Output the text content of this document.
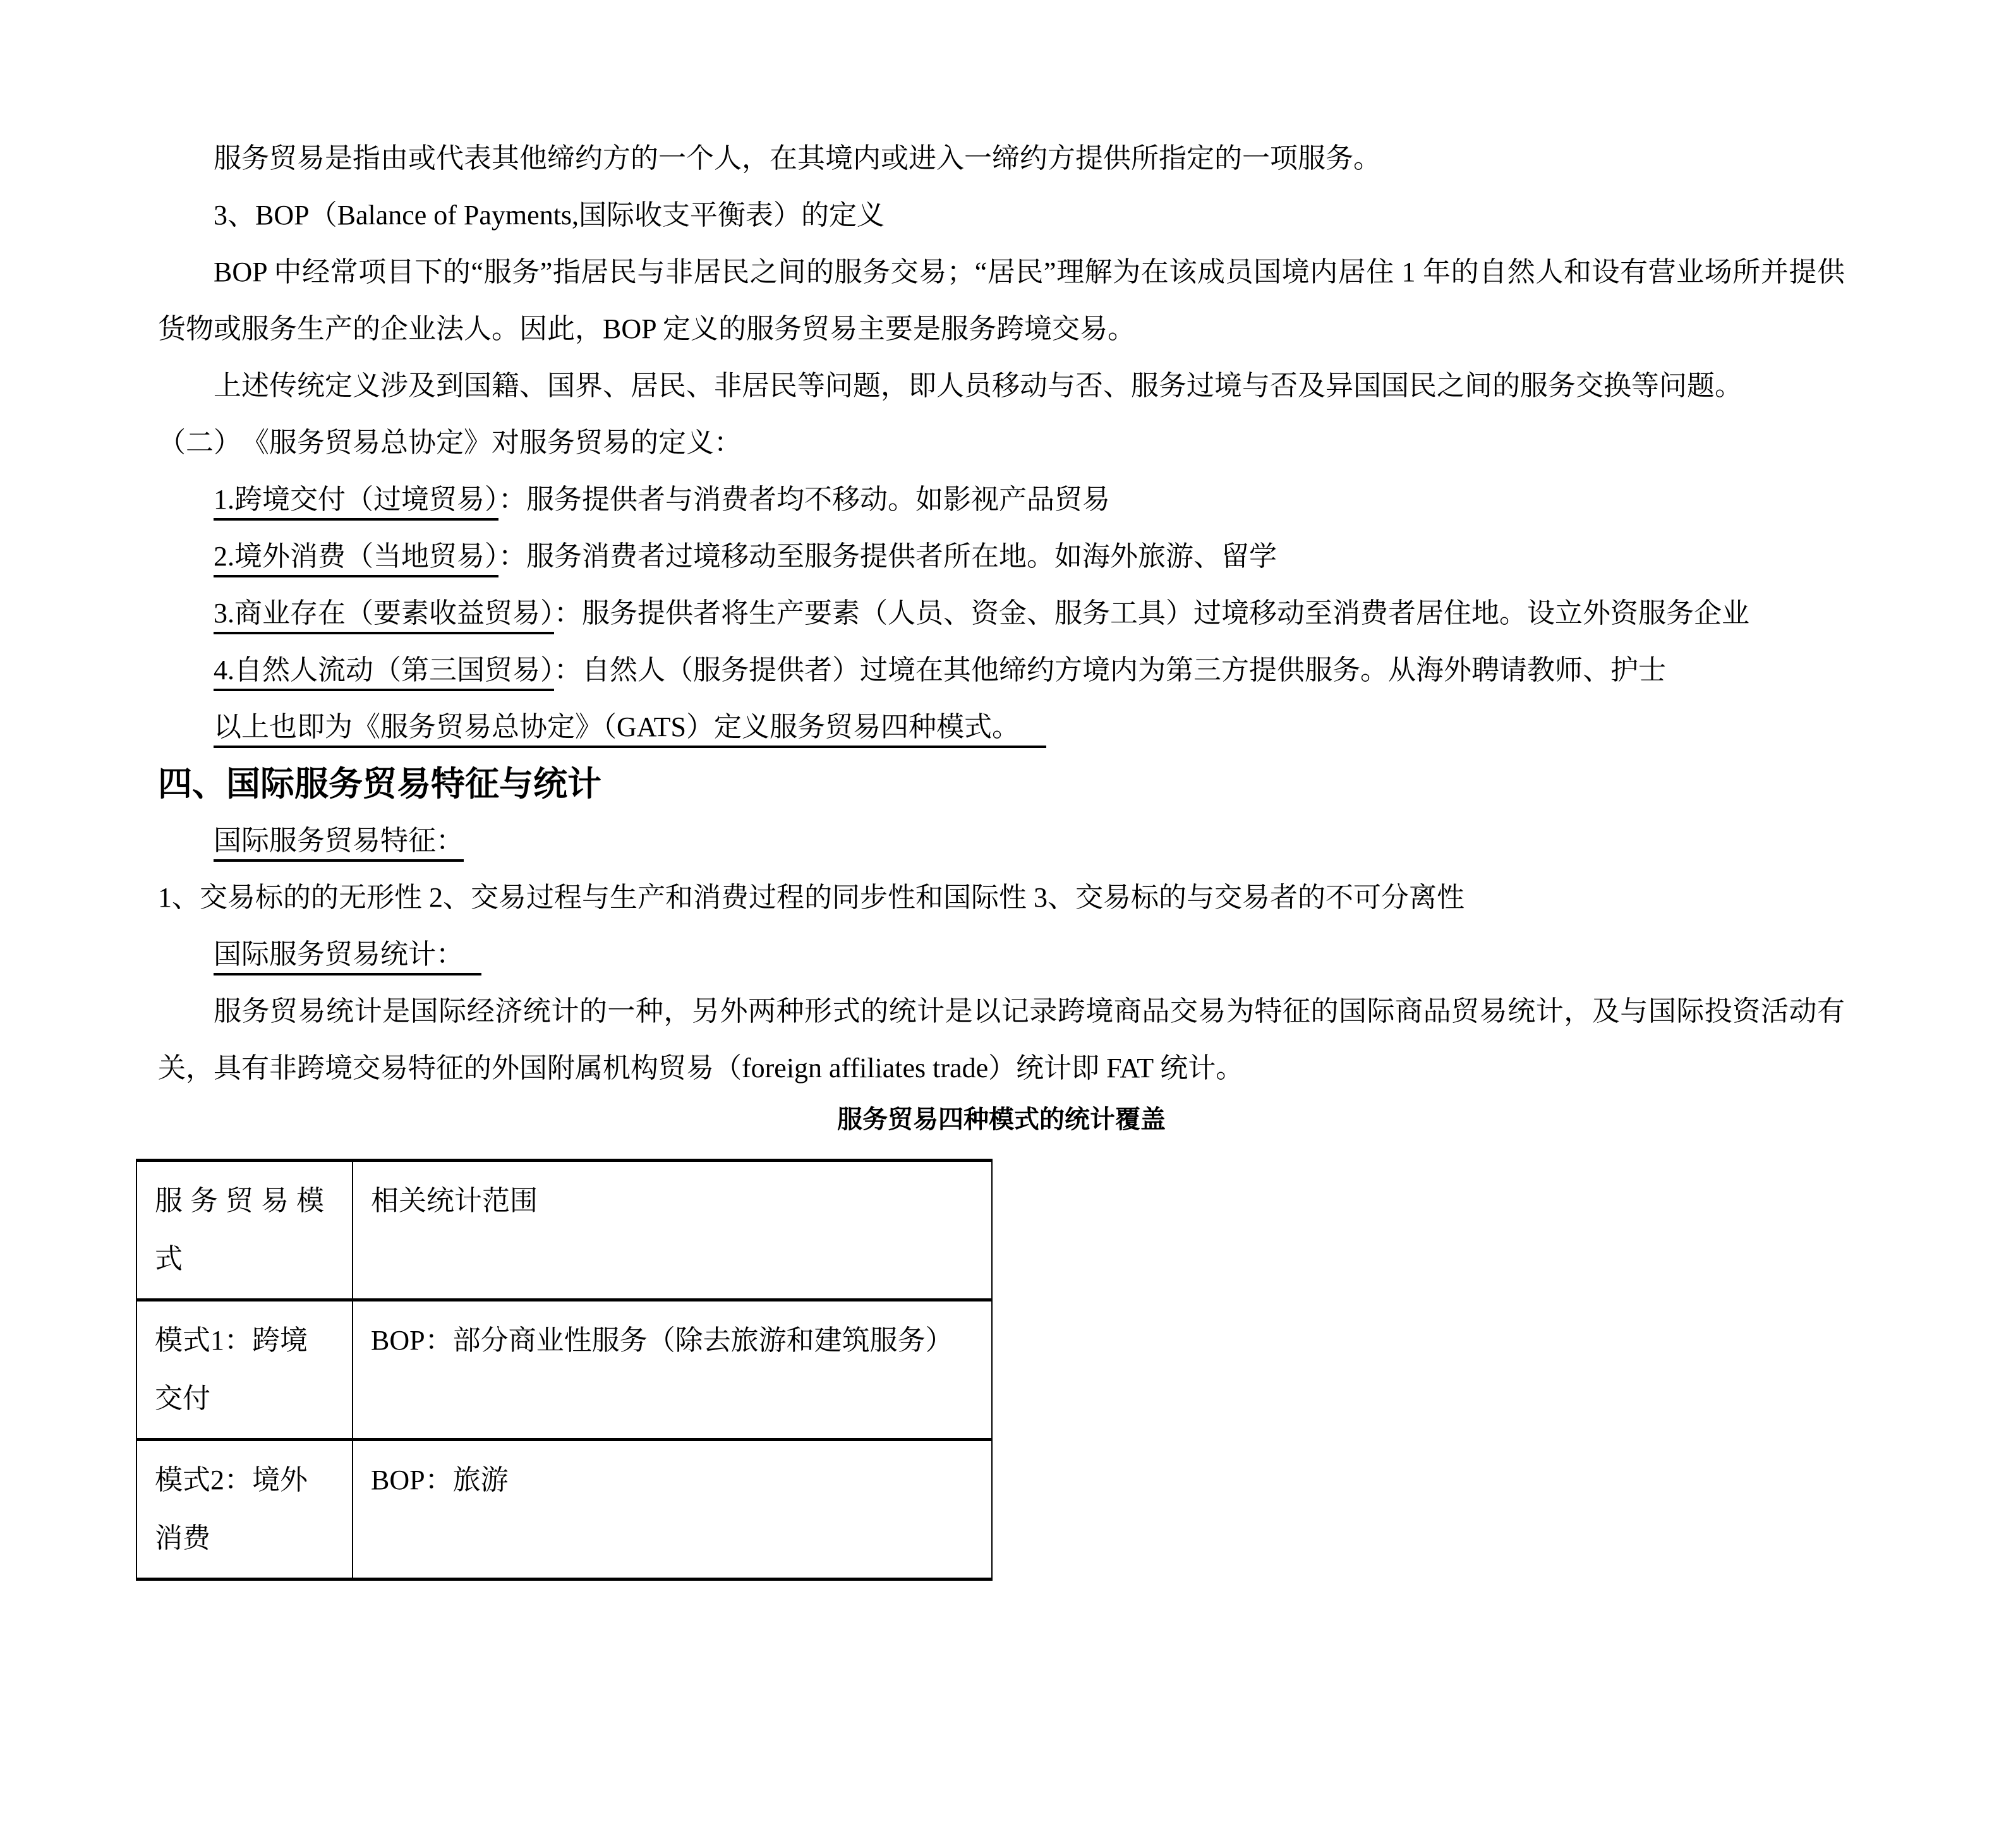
服务贸易是指由或代表其他缔约方的一个人，在其境内或进入一缔约方提供所指定的一项服务。

3、BOP（Balance of Payments,国际收支平衡表）的定义

BOP 中经常项目下的“服务”指居民与非居民之间的服务交易；“居民”理解为在该成员国境内居住 1 年的自然人和设有营业场所并提供货物或服务生产的企业法人。因此，BOP 定义的服务贸易主要是服务跨境交易。

上述传统定义涉及到国籍、国界、居民、非居民等问题，即人员移动与否、服务过境与否及异国国民之间的服务交换等问题。

（二）　《服务贸易总协定》对服务贸易的定义：

1.跨境交付（过境贸易）：服务提供者与消费者均不移动。如影视产品贸易

2.境外消费（当地贸易）：服务消费者过境移动至服务提供者所在地。如海外旅游、留学

3.商业存在（要素收益贸易）：服务提供者将生产要素（人员、资金、服务工具）过境移动至消费者居住地。设立外资服务企业

4.自然人流动（第三国贸易）：自然人（服务提供者）过境在其他缔约方境内为第三方提供服务。从海外聘请教师、护士

以上也即为《服务贸易总协定》（GATS）定义服务贸易四种模式。

四、国际服务贸易特征与统计

国际服务贸易特征：

1、交易标的的无形性 2、交易过程与生产和消费过程的同步性和国际性 3、交易标的与交易者的不可分离性

国际服务贸易统计：

服务贸易统计是国际经济统计的一种，另外两种形式的统计是以记录跨境商品交易为特征的国际商品贸易统计，及与国际投资活动有关，具有非跨境交易特征的外国附属机构贸易（foreign affiliates trade）统计即 FAT 统计。

服务贸易四种模式的统计覆盖

服务贸易模式	相关统计范围
模式1：跨境交付	BOP：部分商业性服务（除去旅游和建筑服务）
模式2：境外消费	BOP：旅游
